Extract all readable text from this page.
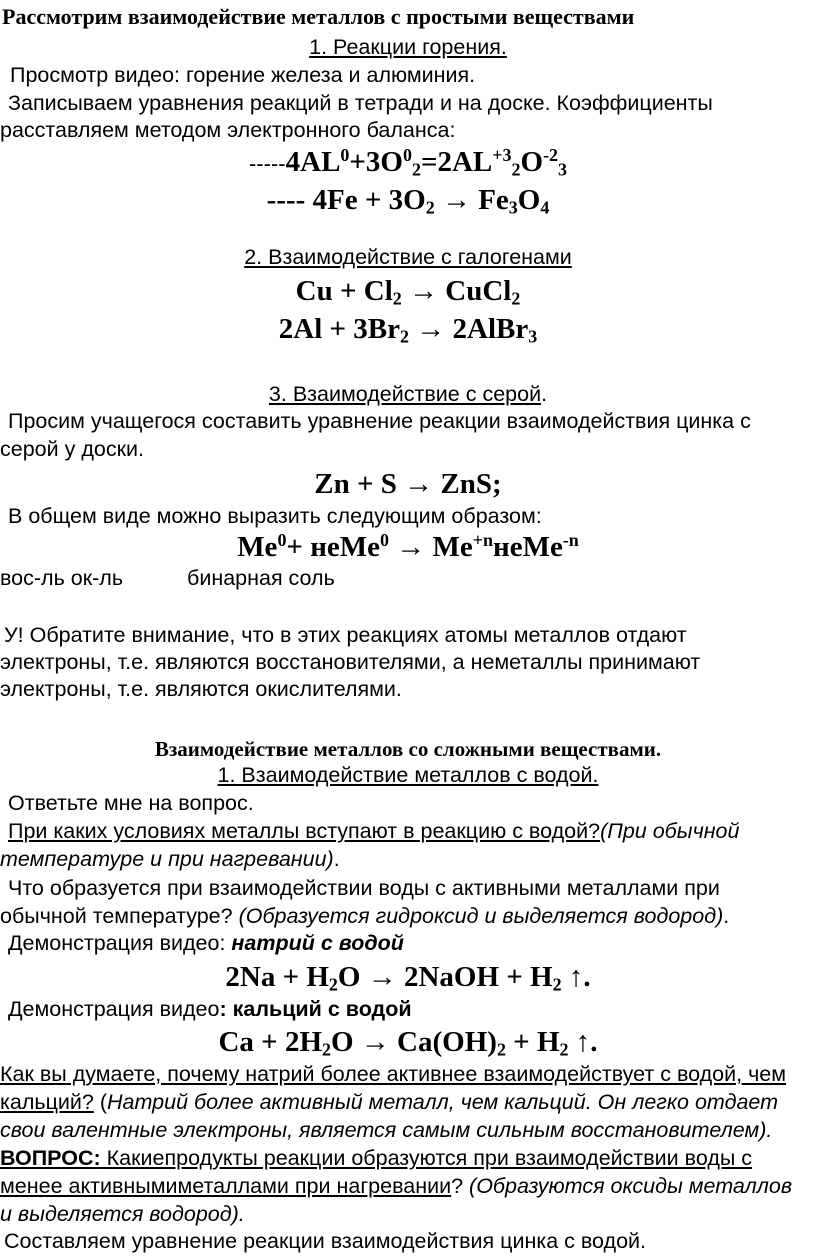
Рассмотрим взаимодействие металлов с простыми веществами
1. Реакции горения.
Просмотр видео: горение железа и алюминия.
Записываем уравнения реакций в тетради и на доске. Коэффициенты
расставляем методом электронного баланса:
$-----4AL^0+3O^0_2=2AL^{+3}_2O^{-2}_3$
---- $4Fe + 3O_2 \to Fe_3O_4$
2. Взаимодействие с галогенами
$Cu + Cl_2$ → CuCl$_2$
$2Al + 3Br_2$ → 2AlBr$_3$
3. Взаимодействие с серой.
Просим учащегося составить уравнение реакции взаимодействия цинка с
серой у доски.
Zn + S → ZnS;
В общем виде можно выразить следующим образом:
$Me^0+$ неMe$^0$ → $Me^{+n}неMe^{-n}$
вос-ль ок-ль	бинарная соль
У! Обратите внимание, что в этих реакциях атомы металлов отдают
электроны, т.е. являются восстановителями, а неметаллы принимают
электроны, т.е. являются окислителями.
Взаимодействие металлов со сложными веществами.
1. Взаимодействие металлов с водой.
Ответьте мне на вопрос.
При каких условиях металлы вступают в реакцию с водой?(При обычной
температуре и при нагревании).
Что образуется при взаимодействии воды с активными металлами при
обычной температуре? (Образуется гидроксид и выделяется водород).
Демонстрация видео: натрий с водой
$2Na + H_2O$ → 2NaOH + $H_2$ ↑.
Демонстрация видео: кальций с водой
$Ca + 2H_2O \to Ca(OH)_2 + H_2$ ↑.
Как вы думаете, почему натрий более активнее взаимодействует с водой, чем
кальций? (Натрий более активный металл, чем кальций. Он легко отдает
свои валентные электроны, является самым сильным восстановителем).
ВОПРОС: Какиепродукты реакции образуются при взаимодействии воды с
менее активнымиметаллами при нагревании? (Образуются оксиды металлов
и выделяется водород).
Составляем уравнение реакции взаимодействия цинка с водой.
